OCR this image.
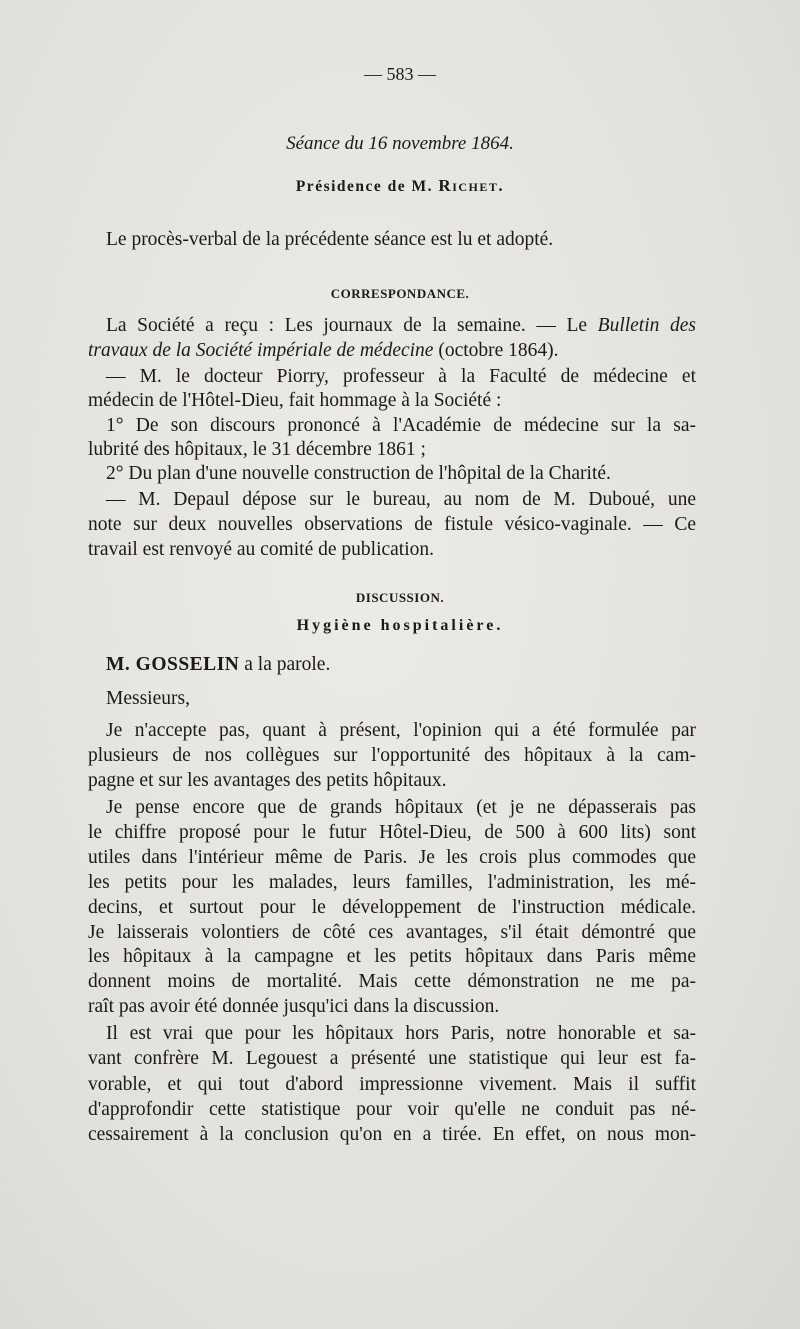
— 583 —
Séance du 16 novembre 1864.
Présidence de M. Richet.
Le procès-verbal de la précédente séance est lu et adopté.
CORRESPONDANCE.
La Société a reçu : Les journaux de la semaine. — Le Bulletin des
travaux de la Société impériale de médecine (octobre 1864).
— M. le docteur Piorry, professeur à la Faculté de médecine et
médecin de l'Hôtel-Dieu, fait hommage à la Société :
1° De son discours prononcé à l'Académie de médecine sur la sa-
lubrité des hôpitaux, le 31 décembre 1861 ;
2° Du plan d'une nouvelle construction de l'hôpital de la Charité.
— M. Depaul dépose sur le bureau, au nom de M. Duboué, une
note sur deux nouvelles observations de fistule vésico-vaginale. — Ce
travail est renvoyé au comité de publication.
DISCUSSION.
Hygiène hospitalière.
M. GOSSELIN a la parole.
Messieurs,
Je n'accepte pas, quant à présent, l'opinion qui a été formulée par
plusieurs de nos collègues sur l'opportunité des hôpitaux à la cam-
pagne et sur les avantages des petits hôpitaux.
Je pense encore que de grands hôpitaux (et je ne dépasserais pas
le chiffre proposé pour le futur Hôtel-Dieu, de 500 à 600 lits) sont
utiles dans l'intérieur même de Paris. Je les crois plus commodes que
les petits pour les malades, leurs familles, l'administration, les mé-
decins, et surtout pour le développement de l'instruction médicale.
Je laisserais volontiers de côté ces avantages, s'il était démontré que
les hôpitaux à la campagne et les petits hôpitaux dans Paris même
donnent moins de mortalité. Mais cette démonstration ne me pa-
raît pas avoir été donnée jusqu'ici dans la discussion.
Il est vrai que pour les hôpitaux hors Paris, notre honorable et sa-
vant confrère M. Legouest a présenté une statistique qui leur est fa-
vorable, et qui tout d'abord impressionne vivement. Mais il suffit
d'approfondir cette statistique pour voir qu'elle ne conduit pas né-
cessairement à la conclusion qu'on en a tirée. En effet, on nous mon-
